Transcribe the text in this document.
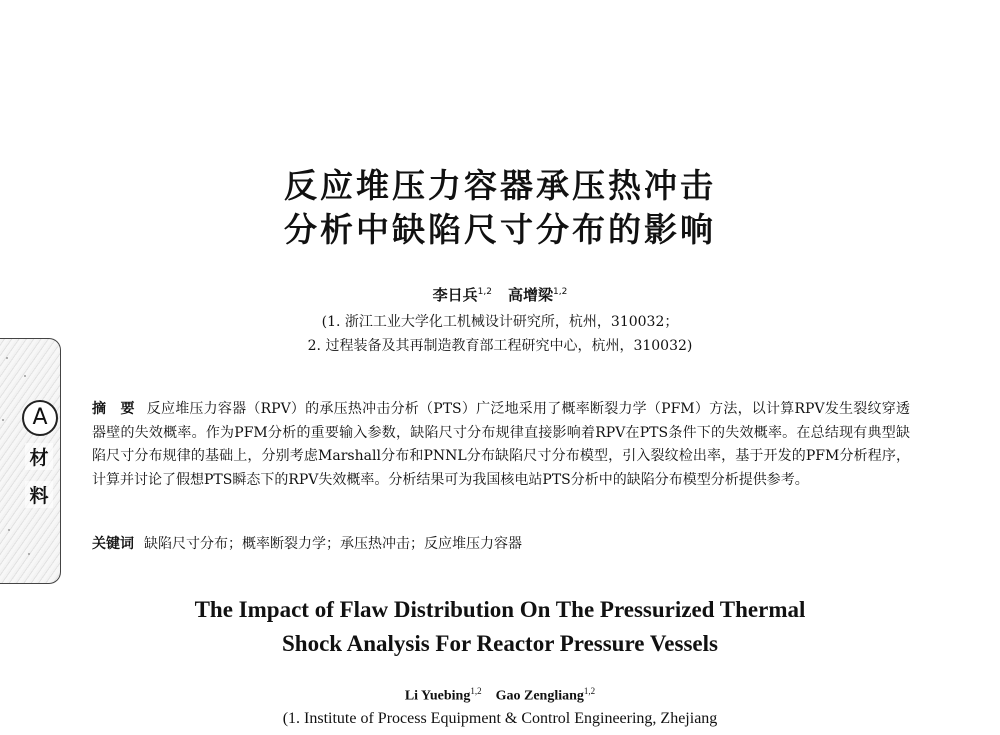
A
材
料
反应堆压力容器承压热冲击
分析中缺陷尺寸分布的影响
李日兵$^{1,2}$ 高增梁$^{1,2}$
(1. 浙江工业大学化工机械设计研究所，杭州，310032；
2. 过程装备及其再制造教育部工程研究中心，杭州，310032)

摘　要 反应堆压力容器（RPV）的承压热冲击分析（PTS）广泛地采用了概率断裂力学（PFM）方法，以计算RPV发生裂纹穿透器壁的失效概率。作为PFM分析的重要输入参数，缺陷尺寸分布规律直接影响着RPV在PTS条件下的失效概率。在总结现有典型缺陷尺寸分布规律的基础上，分别考虑Marshall分布和PNNL分布缺陷尺寸分布模型，引入裂纹检出率，基于开发的PFM分析程序，计算并讨论了假想PTS瞬态下的RPV失效概率。分析结果可为我国核电站PTS分析中的缺陷分布模型分析提供参考。

关键词 缺陷尺寸分布；概率断裂力学；承压热冲击；反应堆压力容器
The Impact of Flaw Distribution On The Pressurized Thermal
Shock Analysis For Reactor Pressure Vessels
Li Yuebing$^{1,2}$ Gao Zengliang$^{1,2}$
(1. Institute of Process Equipment & Control Engineering, Zhejiang
